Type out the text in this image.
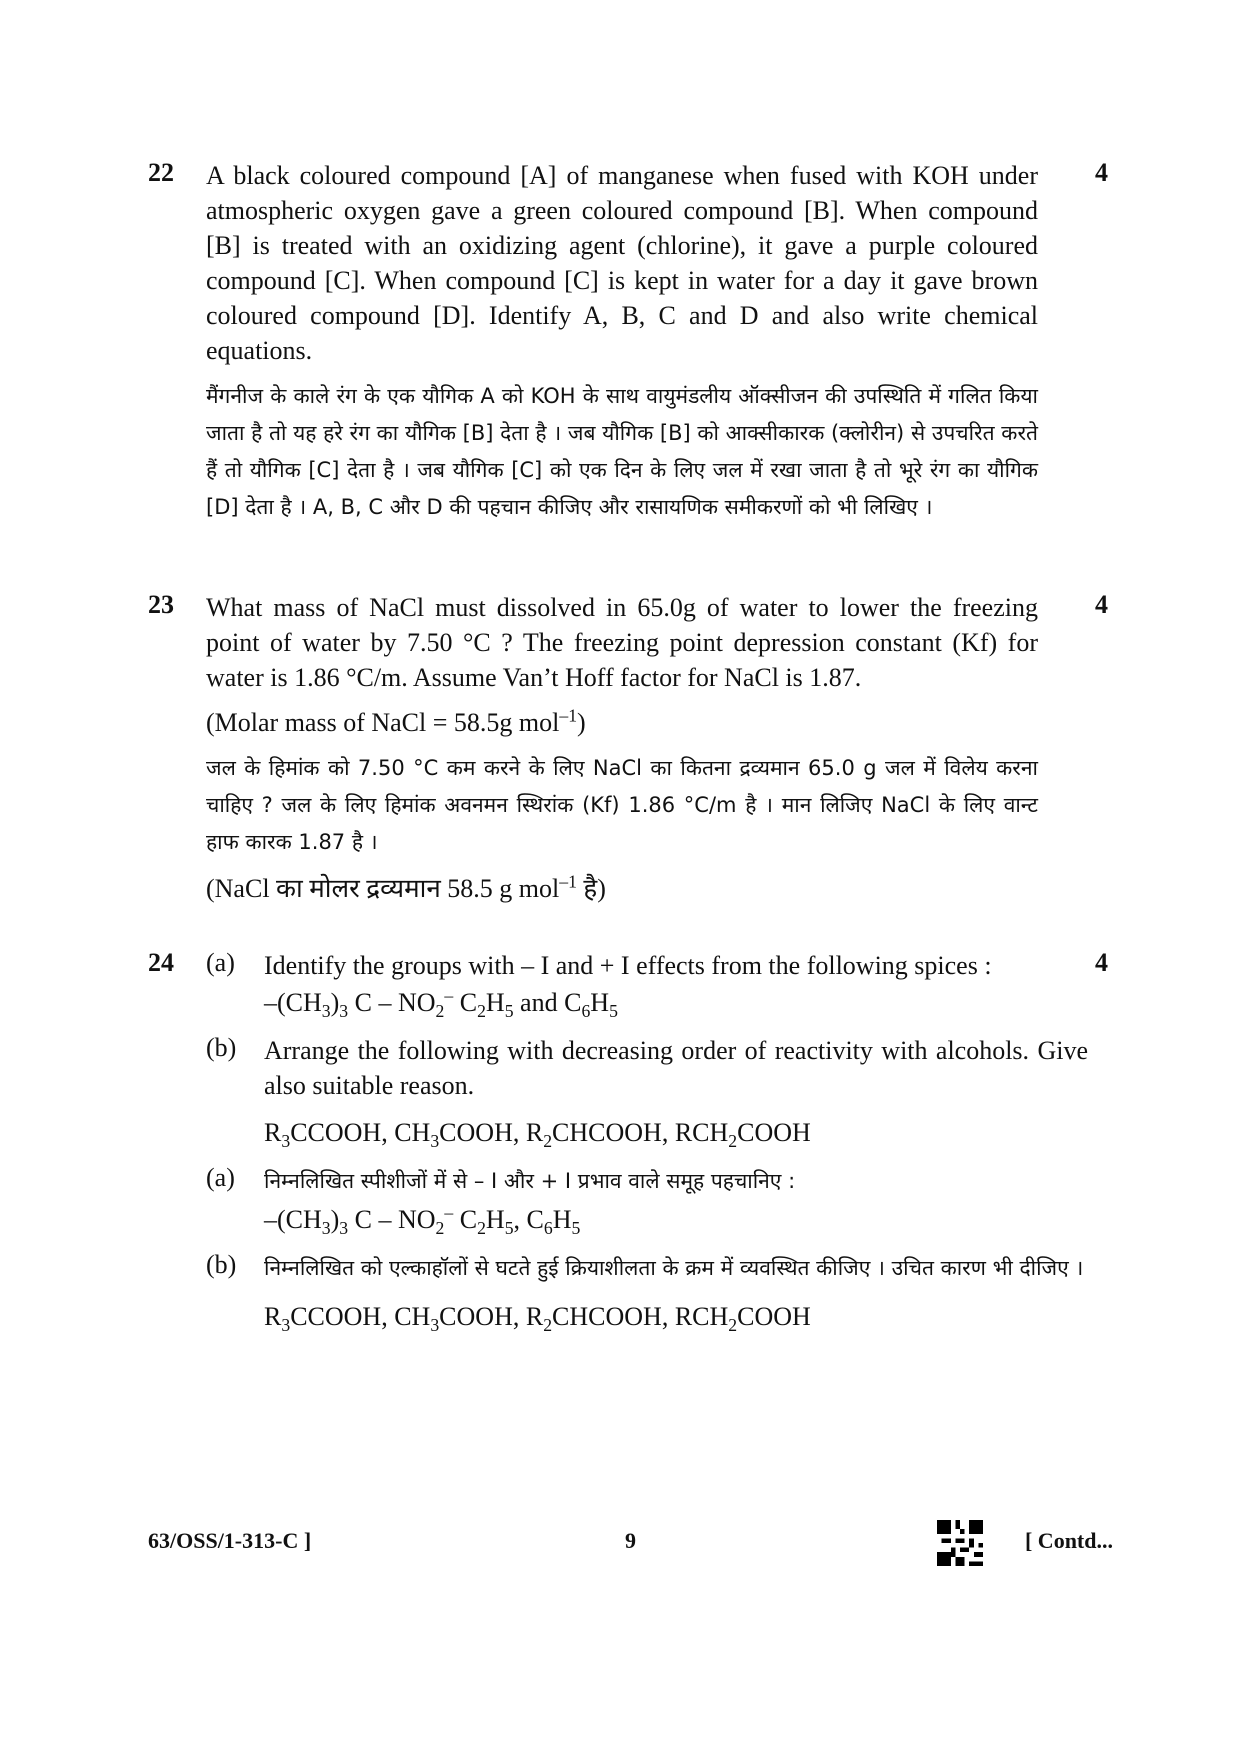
22	4
A black coloured compound [A] of manganese when fused with KOH under atmospheric oxygen gave a green coloured compound [B]. When compound [B] is treated with an oxidizing agent (chlorine), it gave a purple coloured compound [C]. When compound [C] is kept in water for a day it gave brown coloured compound [D]. Identify A, B, C and D and also write chemical equations.
मैंगनीज के काले रंग के एक यौगिक A को KOH के साथ वायुमंडलीय ऑक्सीजन की उपस्थिति में गलित किया जाता है तो यह हरे रंग का यौगिक [B] देता है । जब यौगिक [B] को आक्सीकारक (क्लोरीन) से उपचरित करते हैं तो यौगिक [C] देता है । जब यौगिक [C] को एक दिन के लिए जल में रखा जाता है तो भूरे रंग का यौगिक [D] देता है । A, B, C और D की पहचान कीजिए और रासायणिक समीकरणों को भी लिखिए ।
23	4
What mass of NaCl must dissolved in 65.0g of water to lower the freezing point of water by 7.50 °C ? The freezing point depression constant (Kf) for water is 1.86 °C/m. Assume Van’t Hoff factor for NaCl is 1.87.
(Molar mass of NaCl = 58.5g mol$^{-1}$)
जल के हिमांक को 7.50 °C कम करने के लिए NaCl का कितना द्रव्यमान 65.0 g जल में विलेय करना चाहिए ? जल के लिए हिमांक अवनमन स्थिरांक (Kf) 1.86 °C/m है । मान लिजिए NaCl के लिए वान्ट हाफ कारक 1.87 है ।
(NaCl का मोलर द्रव्यमान 58.5 g mol$^{-1}$ है)
24	4
(a) Identify the groups with – I and + I effects from the following spices :
$-(CH_3)_3$ C – $NO_2^-$ $C_2H_5$ and $C_6H_5$
(b) Arrange the following with decreasing order of reactivity with alcohols. Give also suitable reason.
$R_3CCOOH$, $CH_3COOH$, $R_2CHCOOH$, $RCH_2COOH$
(a) निम्नलिखित स्पीशीजों में से – I और + I प्रभाव वाले समूह पहचानिए :
$-(CH_3)_3$ C – $NO_2^-$ $C_2H_5$, $C_6H_5$
(b) निम्नलिखित को एल्काहॉलों से घटते हुई क्रियाशीलता के क्रम में व्यवस्थित कीजिए । उचित कारण भी दीजिए ।
$R_3CCOOH$, $CH_3COOH$, $R_2CHCOOH$, $RCH_2COOH$
63/OSS/1-313-C ]	9	[ Contd...
